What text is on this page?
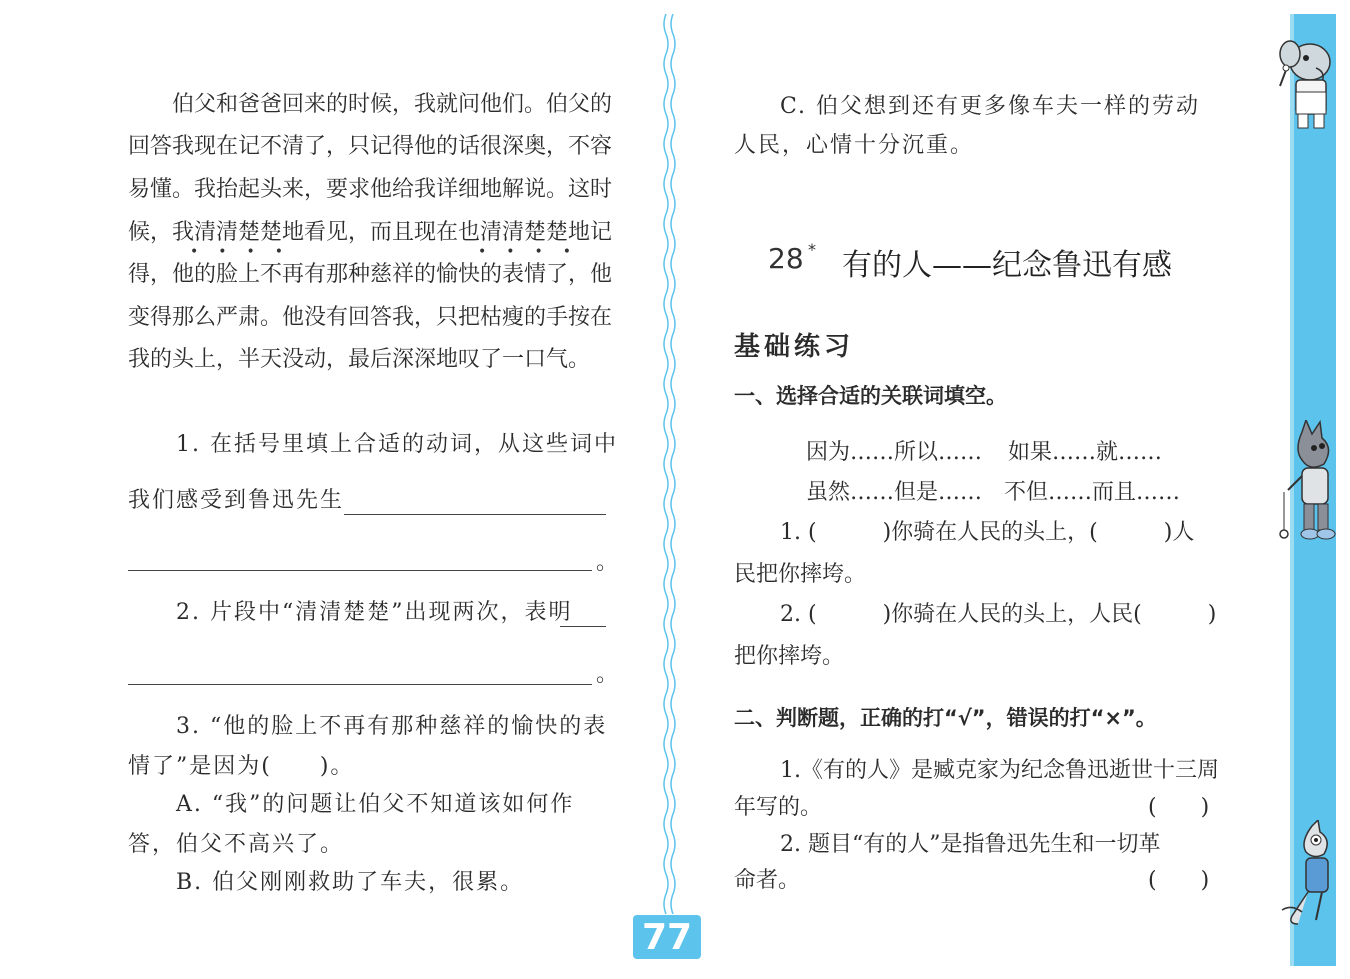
伯父和爸爸回来的时候，我就问他们。伯父的
回答我现在记不清了，只记得他的话很深奥，不容
易懂。我抬起头来，要求他给我详细地解说。这时
候，我清清楚楚地看见，而且现在也清清楚楚地记
••••	••••
得，他的脸上不再有那种慈祥的愉快的表情了，他
变得那么严肃。他没有回答我，只把枯瘦的手按在
我的头上，半天没动，最后深深地叹了一口气。
1. 在括号里填上合适的动词，从这些词中
我们感受到鲁迅先生
。
2. 片段中“清清楚楚”出现两次，表明
。
3. “他的脸上不再有那种慈祥的愉快的表
情了”是因为(　　)。
A. “我”的问题让伯父不知道该如何作
答，伯父不高兴了。
B. 伯父刚刚救助了车夫，很累。
C. 伯父想到还有更多像车夫一样的劳动
人民，心情十分沉重。
28 * 有的人——纪念鲁迅有感
基础练习
一、选择合适的关联词填空。
因为……所以…… 如果……就……
虽然……但是…… 不但……而且……
1. (　　　)你骑在人民的头上，(　　　)人
民把你摔垮。
2. (　　　)你骑在人民的头上，人民(　　　)
把你摔垮。
二、判断题，正确的打“√”，错误的打“×”。
1.《有的人》是臧克家为纪念鲁迅逝世十三周
年写的。	(　　)
2. 题目“有的人”是指鲁迅先生和一切革
命者。	(　　)
77
